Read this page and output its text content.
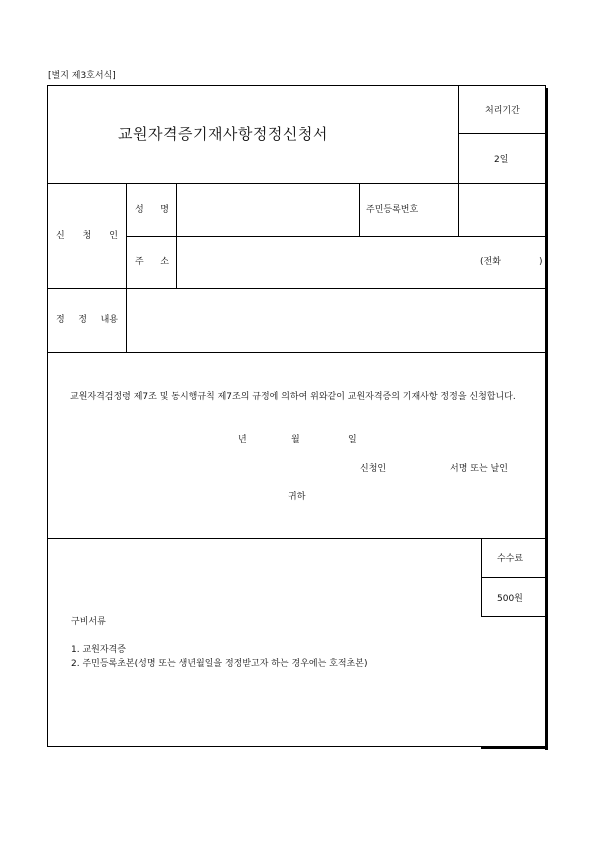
[별지 제3호서식]
교원자격증기재사항정정신청서
처리기간
2일
신 청 인
성 명	주민등록번호
주 소	(전화	)
정 정 내용
교원자격검정령 제7조 및 동시행규칙 제7조의 규정에 의하여 위와같이 교원자격증의 기재사항 정정을 신청합니다.
년	월	일
신청인	서명 또는 날인
귀하
수수료
500원
구비서류
1. 교원자격증
2. 주민등록초본(성명 또는 생년월일을 정정받고자 하는 경우에는 호적초본)
